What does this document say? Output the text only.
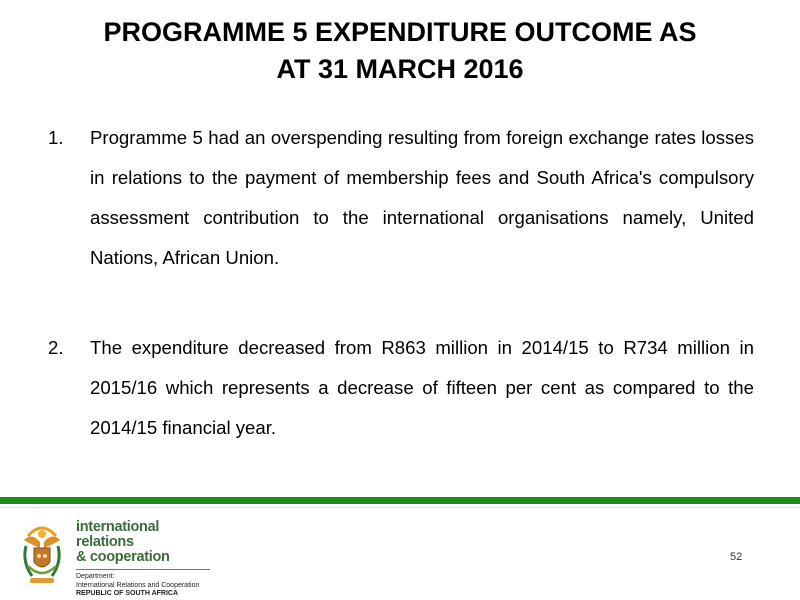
PROGRAMME 5 EXPENDITURE OUTCOME AS
AT 31 MARCH 2016
1. Programme 5 had an overspending resulting from foreign exchange rates losses in relations to the payment of membership fees and South Africa's compulsory assessment contribution to the international organisations namely, United Nations, African Union.
2. The expenditure decreased from R863 million in 2014/15 to R734 million in 2015/16 which represents a decrease of fifteen per cent as compared to the 2014/15 financial year.
international relations
& cooperation
Department:
International Relations and Cooperation
REPUBLIC OF SOUTH AFRICA
52
